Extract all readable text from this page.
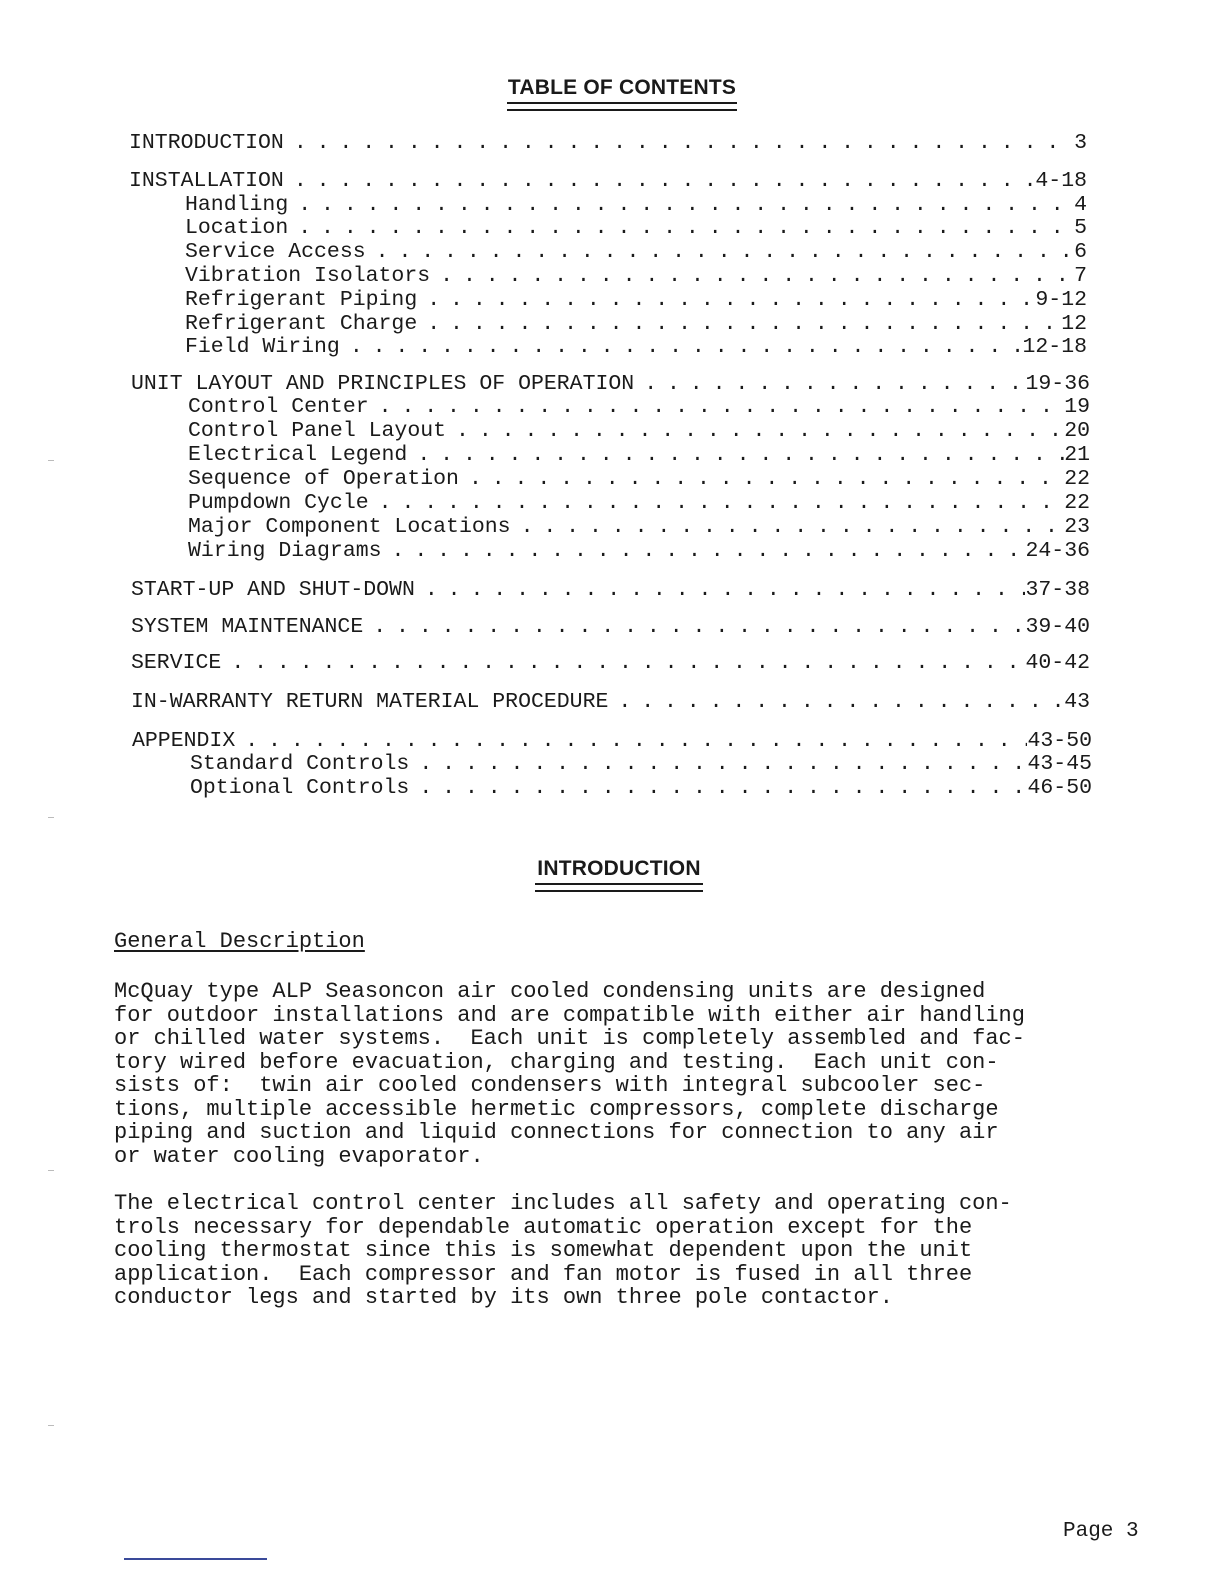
TABLE OF CONTENTS
INTRODUCTION . . .	3
INSTALLATION . . .	4-18
Handling . . .	4
Location . . .	5
Service Access . . .	6
Vibration Isolators . . .	7
Refrigerant Piping . . .	9-12
Refrigerant Charge . . .	12
Field Wiring . . .	12-18
UNIT LAYOUT AND PRINCIPLES OF OPERATION . . .	19-36
Control Center . . .	19
Control Panel Layout . . .	20
Electrical Legend . . .	21
Sequence of Operation . . .	22
Pumpdown Cycle . . .	22
Major Component Locations . . .	23
Wiring Diagrams . . .	24-36
START-UP AND SHUT-DOWN . . .	37-38
SYSTEM MAINTENANCE . . .	39-40
SERVICE . . .	40-42
IN-WARRANTY RETURN MATERIAL PROCEDURE . . .	43
APPENDIX . . .	43-50
Standard Controls . . .	43-45
Optional Controls . . .	46-50
INTRODUCTION
General Description

McQuay type ALP Seasoncon air cooled condensing units are designed
for outdoor installations and are compatible with either air handling
or chilled water systems.  Each unit is completely assembled and fac-
tory wired before evacuation, charging and testing.  Each unit con-
sists of:  twin air cooled condensers with integral subcooler sec-
tions, multiple accessible hermetic compressors, complete discharge
piping and suction and liquid connections for connection to any air
or water cooling evaporator.

The electrical control center includes all safety and operating con-
trols necessary for dependable automatic operation except for the
cooling thermostat since this is somewhat dependent upon the unit
application.  Each compressor and fan motor is fused in all three
conductor legs and started by its own three pole contactor.

Page 3
